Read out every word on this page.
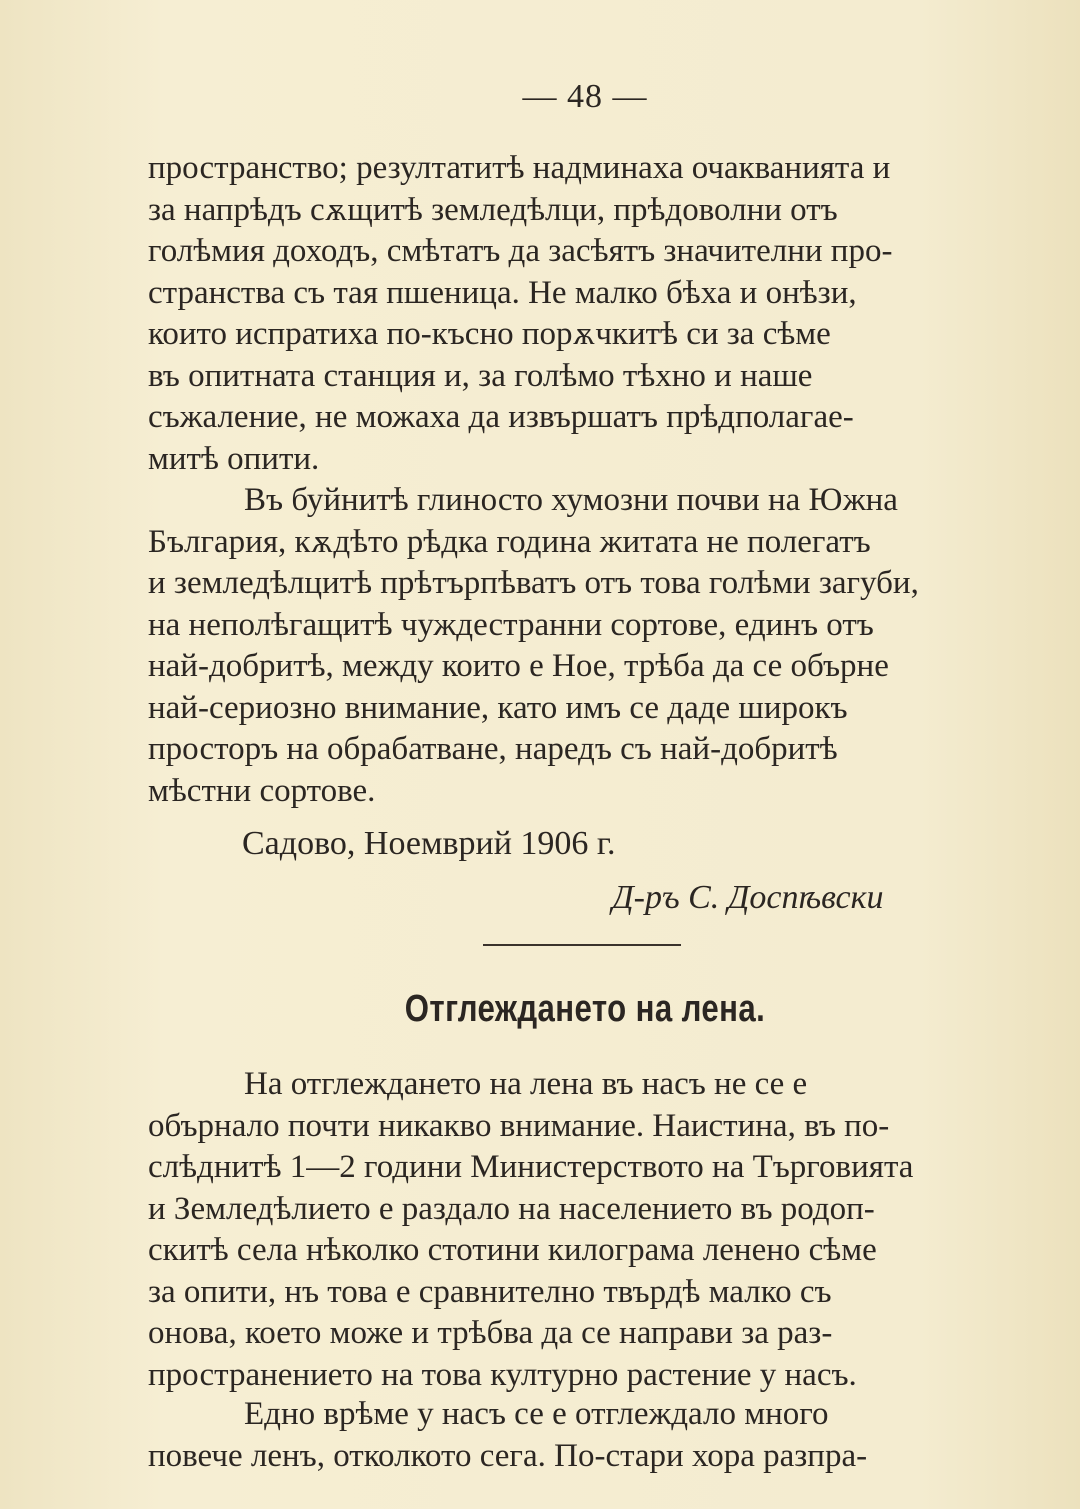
— 48 —

пространство; резултатитѣ надминаха очакванията и

за напрѣдъ сѫщитѣ земледѣлци, прѣдоволни отъ

голѣмия доходъ, смѣтатъ да засѣятъ значителни про-

странства съ тая пшеница. Не малко бѣха и онѣзи,

които испратиха по-късно порѫчкитѣ си за сѣме

въ опитната станция и, за голѣмо тѣхно и наше

съжаление, не можаха да извършатъ прѣдполагае-

митѣ опити.

Въ буйнитѣ глиносто хумозни почви на Южна

България, кѫдѣто рѣдка година житата не полегатъ

и земледѣлцитѣ прѣтърпѣватъ отъ това голѣми загуби,

на неполѣгащитѣ чуждестранни сортове, единъ отъ

най-добритѣ, между които е Ное, трѣба да се обърне

най-сериозно внимание, като имъ се даде широкъ

просторъ на обрабатване, наредъ съ най-добритѣ

мѣстни сортове.

Садово, Ноемврий 1906 г.
Д-ръ С. Доспѣвски
Отглеждането на лена.

На отглеждането на лена въ насъ не се е

обърнало почти никакво внимание. Наистина, въ по-

слѣднитѣ 1—2 години Министерството на Търговията

и Земледѣлието е раздало на населението въ родоп-

скитѣ села нѣколко стотини килограма ленено сѣме

за опити, нъ това е сравнително твърдѣ малко съ

онова, което може и трѣбва да се направи за раз-

пространението на това културно растение у насъ.

Едно врѣме у насъ се е отглеждало много

повече ленъ, отколкото сега. По-стари хора разпра-
